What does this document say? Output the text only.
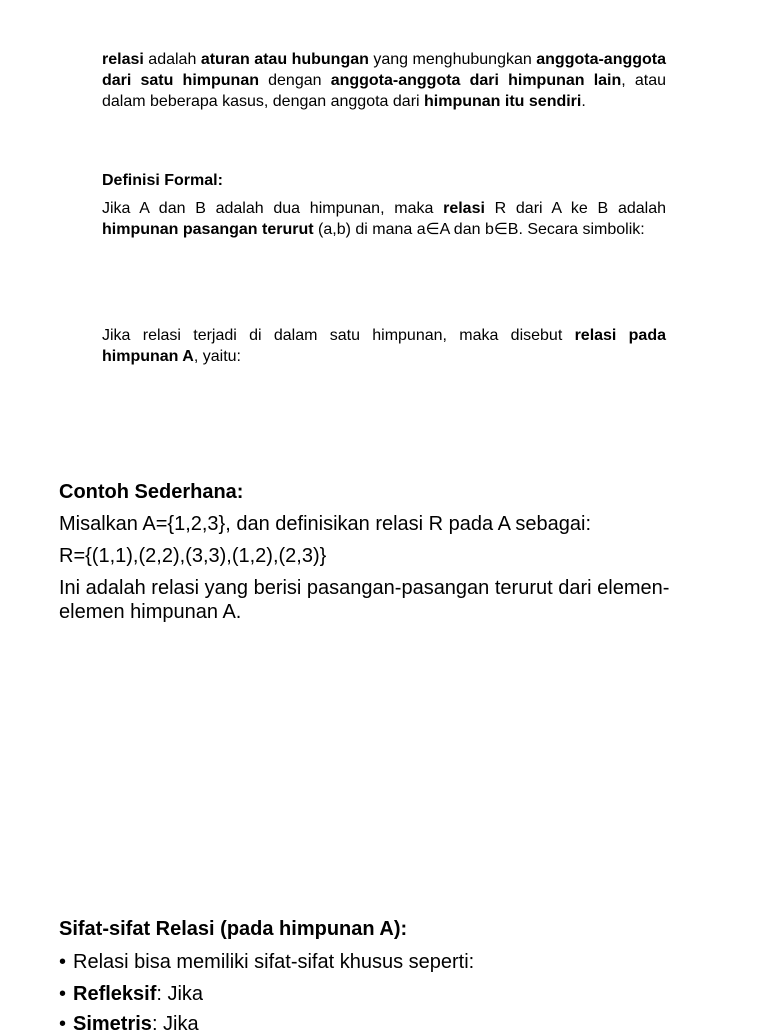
relasi adalah aturan atau hubungan yang menghubungkan anggota-anggota dari satu himpunan dengan anggota-anggota dari himpunan lain, atau dalam beberapa kasus, dengan anggota dari himpunan itu sendiri.
Definisi Formal:
Jika A dan B adalah dua himpunan, maka relasi R dari A ke B adalah himpunan pasangan terurut (a,b) di mana a∈A dan b∈B. Secara simbolik:
Jika relasi terjadi di dalam satu himpunan, maka disebut relasi pada himpunan A, yaitu:
Contoh Sederhana:
Misalkan A={1,2,3}, dan definisikan relasi R pada A sebagai:
R={(1,1),(2,2),(3,3),(1,2),(2,3)}
Ini adalah relasi yang berisi pasangan-pasangan terurut dari elemen-elemen himpunan A.
Sifat-sifat Relasi (pada himpunan A):
• Relasi bisa memiliki sifat-sifat khusus seperti:
• Refleksif: Jika
• Simetris: Jika
